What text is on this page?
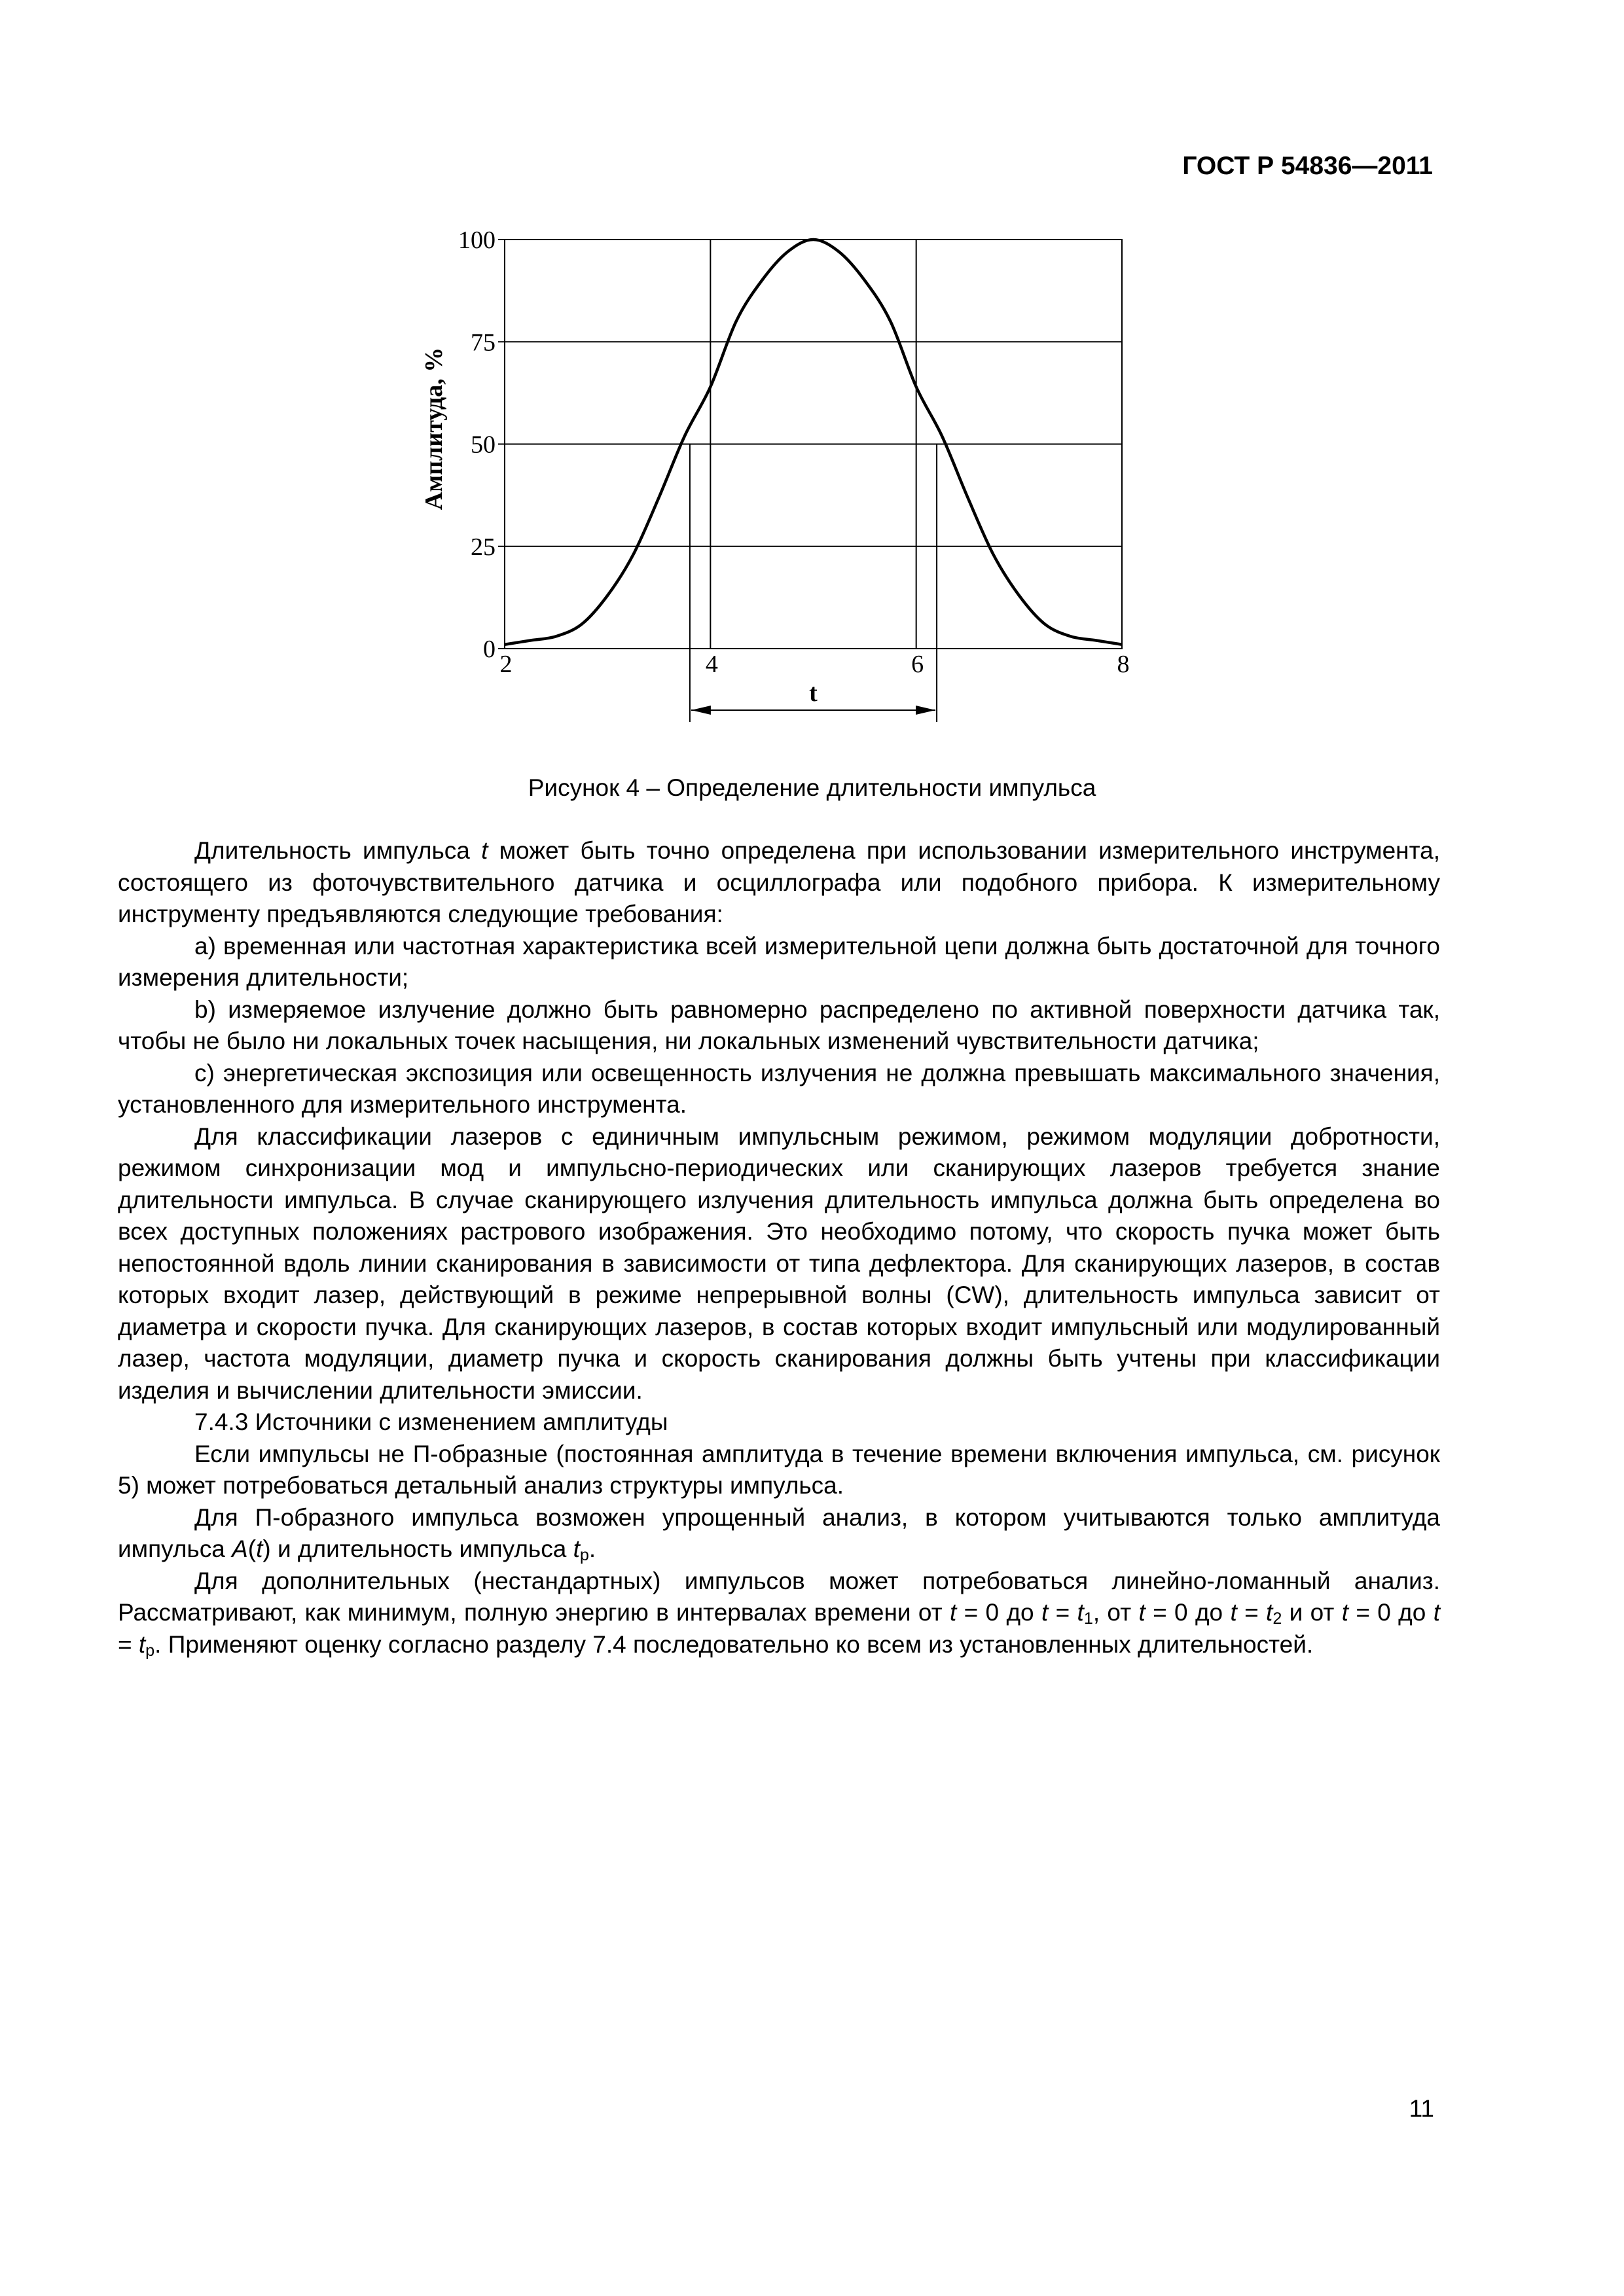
ГОСТ Р 54836—2011
0
25
50
75
100
2	4	6	8
Амплитуда, %
t
Рисунок 4 – Определение длительности импульса

Длительность импульса t может быть точно определена при использовании измерительного инструмента, состоящего из фоточувствительного датчика и осциллографа или подобного прибора. К измерительному инструменту предъявляются следующие требования:

a) временная или частотная характеристика всей измерительной цепи должна быть достаточной для точного измерения длительности;

b) измеряемое излучение должно быть равномерно распределено по активной поверхности датчика так, чтобы не было ни локальных точек насыщения, ни локальных изменений чувствительности датчика;

c) энергетическая экспозиция или освещенность излучения не должна превышать максимального значения, установленного для измерительного инструмента.

Для классификации лазеров с единичным импульсным режимом, режимом модуляции добротности, режимом синхронизации мод и импульсно-периодических или сканирующих лазеров требуется знание длительности импульса. В случае сканирующего излучения длительность импульса должна быть определена во всех доступных положениях растрового изображения. Это необходимо потому, что скорость пучка может быть непостоянной вдоль линии сканирования в зависимости от типа дефлектора. Для сканирующих лазеров, в состав которых входит лазер, действующий в режиме непрерывной волны (CW), длительность импульса зависит от диаметра и скорости пучка. Для сканирующих лазеров, в состав которых входит импульсный или модулированный лазер, частота модуляции, диаметр пучка и скорость сканирования должны быть учтены при классификации изделия и вычислении длительности эмиссии.

7.4.3 Источники с изменением амплитуды

Если импульсы не П-образные (постоянная амплитуда в течение времени включения импульса, см. рисунок 5) может потребоваться детальный анализ структуры импульса.

Для П-образного импульса возможен упрощенный анализ, в котором учитываются только амплитуда импульса A(t) и длительность импульса $t_p$.

Для дополнительных (нестандартных) импульсов может потребоваться линейно-ломанный анализ. Рассматривают, как минимум, полную энергию в интервалах времени от t = 0 до $t = t_1$, от t = 0 до $t = t_2$ и от t = 0 до $t = t_p$. Применяют оценку согласно разделу 7.4 последовательно ко всем из установленных длительностей.

11
